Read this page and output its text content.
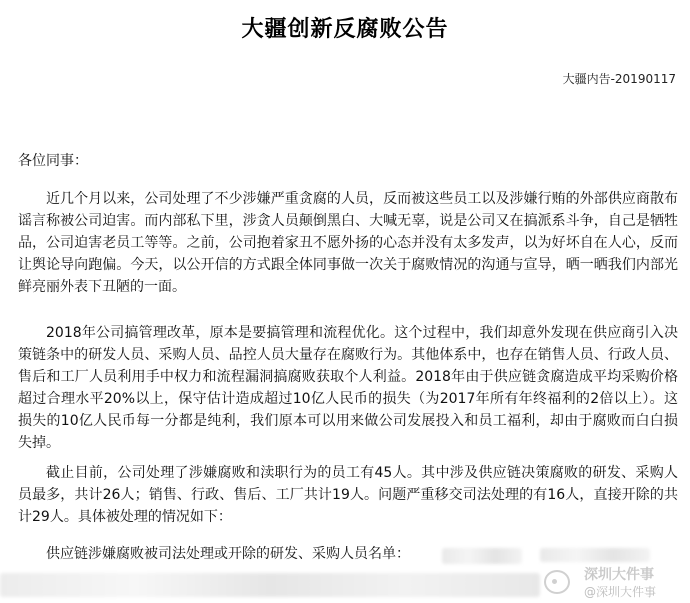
大疆创新反腐败公告
大疆内告-20190117
各位同事：
近几个月以来，公司处理了不少涉嫌严重贪腐的人员，反而被这些员工以及涉嫌行贿的外部供应商散布谣言称被公司迫害。而内部私下里，涉贪人员颠倒黑白、大喊无辜，说是公司又在搞派系斗争，自己是牺牲品，公司迫害老员工等等。之前，公司抱着家丑不愿外扬的心态并没有太多发声，以为好坏自在人心，反而让舆论导向跑偏。今天，以公开信的方式跟全体同事做一次关于腐败情况的沟通与宣导，晒一晒我们内部光鲜亮丽外表下丑陋的一面。
2018年公司搞管理改革，原本是要搞管理和流程优化。这个过程中，我们却意外发现在供应商引入决策链条中的研发人员、采购人员、品控人员大量存在腐败行为。其他体系中，也存在销售人员、行政人员、售后和工厂人员利用手中权力和流程漏洞搞腐败获取个人利益。2018年由于供应链贪腐造成平均采购价格超过合理水平20%以上，保守估计造成超过10亿人民币的损失（为2017年所有年终福利的2倍以上）。这损失的10亿人民币每一分都是纯利，我们原本可以用来做公司发展投入和员工福利，却由于腐败而白白损失掉。
截止目前，公司处理了涉嫌腐败和渎职行为的员工有45人。其中涉及供应链决策腐败的研发、采购人员最多，共计26人；销售、行政、售后、工厂共计19人。问题严重移交司法处理的有16人，直接开除的共计29人。具体被处理的情况如下：
供应链涉嫌腐败被司法处理或开除的研发、采购人员名单：
深圳大件事
@深圳大件事
